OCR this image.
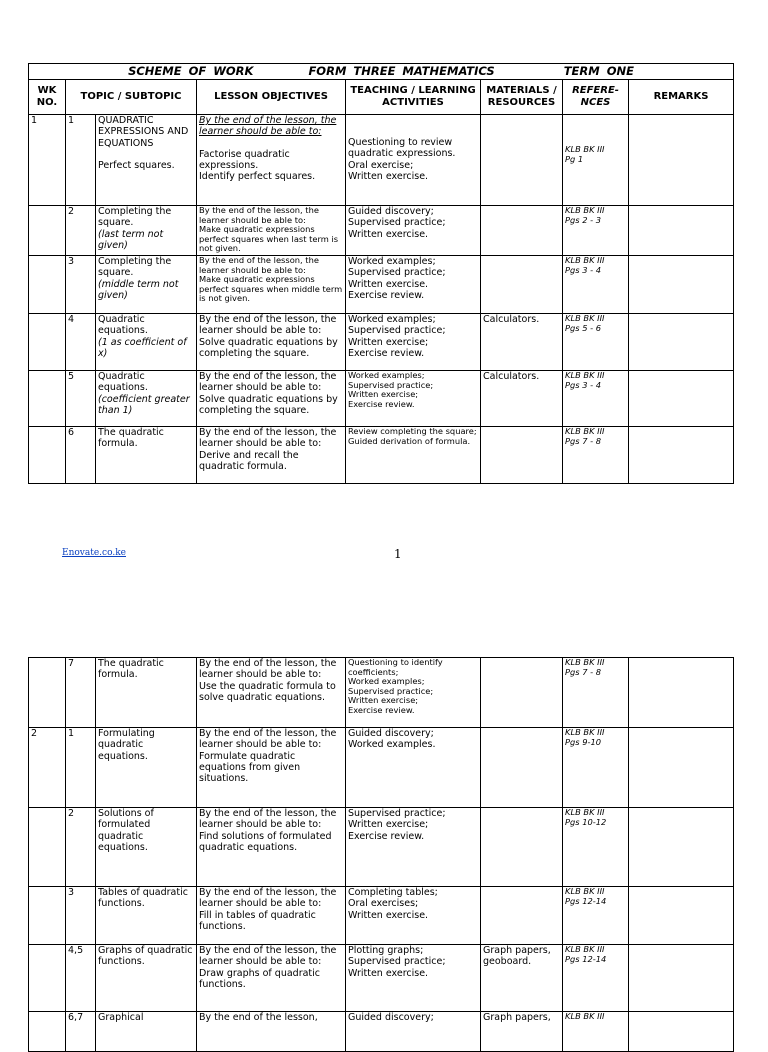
SCHEME OF WORK FORM THREE MATHEMATICS TERM ONE							
WK NO.	TOPIC / SUBTOPIC		LESSON OBJECTIVES	TEACHING / LEARNING ACTIVITIES	MATERIALS / RESOURCES	REFERE-NCES	REMARKS
1	1	QUADRATIC EXPRESSIONS AND EQUATIONS
Perfect squares.	By the end of the lesson, the learner should be able to:
Factorise quadratic expressions.
Identify perfect squares.	Questioning to review quadratic expressions.
Oral exercise;
Written exercise.		KLB BK III
Pg 1	

	2	Completing the square.
(last term not given)	By the end of the lesson, the learner should be able to:
Make quadratic expressions perfect squares when last term is not given.	Guided discovery;
Supervised practice;
Written exercise.		KLB BK III
Pgs 2 - 3	

	3	Completing the square.
(middle term not given)	By the end of the lesson, the learner should be able to:
Make quadratic expressions perfect squares when middle term is not given.	Worked examples;
Supervised practice;
Written exercise.
Exercise review.		KLB BK III
Pgs 3 - 4	

	4	Quadratic equations.
(1 as coefficient of x)	By the end of the lesson, the learner should be able to:
Solve quadratic equations by completing the square.	Worked examples;
Supervised practice;
Written exercise;
Exercise review.	Calculators.	KLB BK III
Pgs 5 - 6	

	5	Quadratic equations.
(coefficient greater than 1)	By the end of the lesson, the learner should be able to:
Solve quadratic equations by completing the square.	Worked examples;
Supervised practice;
Written exercise;
Exercise review.	Calculators.	KLB BK III
Pgs 3 - 4	

	6	The quadratic formula.	By the end of the lesson, the learner should be able to:
Derive and recall the quadratic formula.	Review completing the square;
Guided derivation of formula.		KLB BK III
Pgs 7 - 8	

Enovate.co.ke	1
	7	The quadratic formula.	By the end of the lesson, the learner should be able to:
Use the quadratic formula to solve quadratic equations.	Questioning to identify coefficients;
Worked examples;
Supervised practice;
Written exercise;
Exercise review.		KLB BK III
Pgs 7 - 8	

2	1	Formulating quadratic equations.	By the end of the lesson, the learner should be able to:
Formulate quadratic equations from given situations.	Guided discovery;
Worked examples.		KLB BK III
Pgs 9-10	

	2	Solutions of formulated quadratic equations.	By the end of the lesson, the learner should be able to:
Find solutions of formulated quadratic equations.	Supervised practice;
Written exercise;
Exercise review.		KLB BK III
Pgs 10-12	

	3	Tables of quadratic functions.	By the end of the lesson, the learner should be able to:
Fill in tables of quadratic functions.	Completing tables;
Oral exercises;
Written exercise.		KLB BK III
Pgs 12-14	

	4,5	Graphs of quadratic functions.	By the end of the lesson, the learner should be able to:
Draw graphs of quadratic functions.	Plotting graphs;
Supervised practice;
Written exercise.	Graph papers, geoboard.	KLB BK III
Pgs 12-14	

	6,7	Graphical	By the end of the lesson,	Guided discovery;	Graph papers,	KLB BK III	
